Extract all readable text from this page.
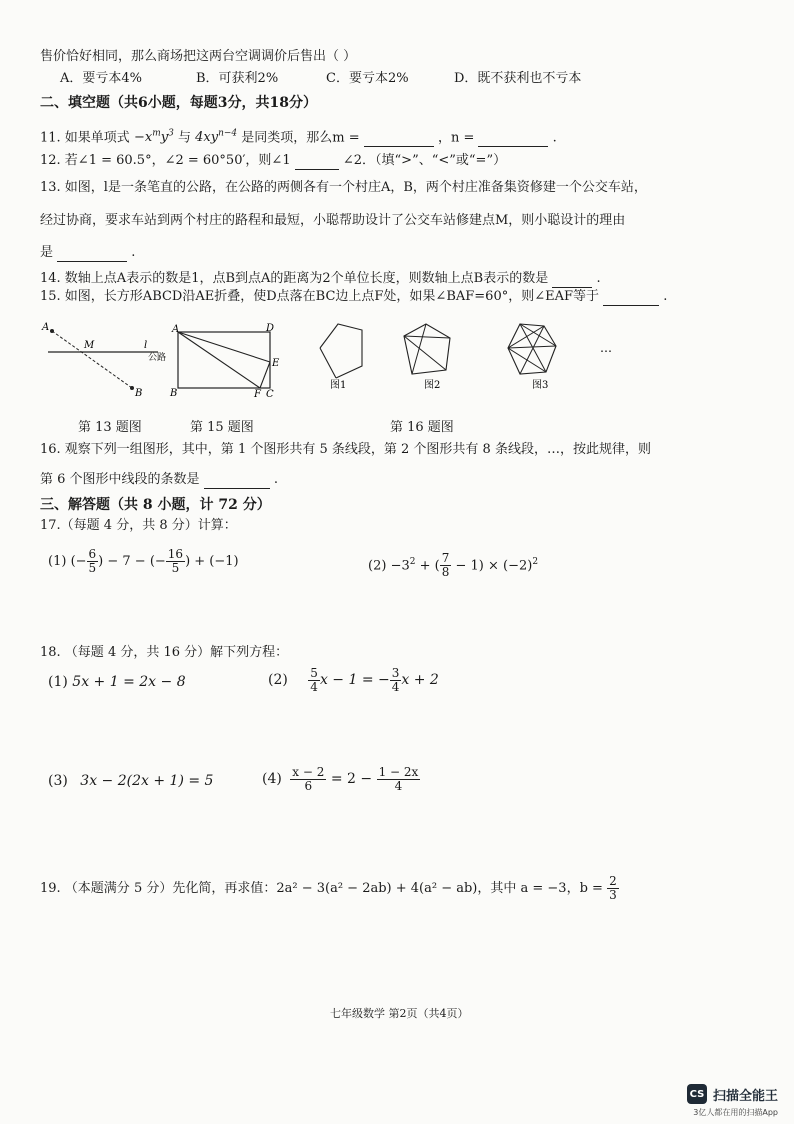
售价恰好相同，那么商场把这两台空调调价后售出（ ）
A．要亏本4%	B．可获利2%	C．要亏本2%	D．既不获利也不亏本
二、填空题（共6小题，每题3分，共18分）
11. 如果单项式 $-x^my^3$ 与 $4xy^{n-4}$ 是同类项，那么m =	，n =	.
12. 若∠1 = 60.5°，∠2 = 60°50′，则∠1	∠2．（填“>”、“<”或“=”）
13. 如图，l是一条笔直的公路，在公路的两侧各有一个村庄A，B，两个村庄准备集资修建一个公交车站，
经过协商，要求车站到两个村庄的路程和最短，小聪帮助设计了公交车站修建点M，则小聪设计的理由
是	.
14. 数轴上点A表示的数是1，点B到点A的距离为2个单位长度，则数轴上点B表示的数是	.
15. 如图，长方形ABCD沿AE折叠，使D点落在BC边上点F处，如果∠BAF=60°，则∠EAF等于	.
A
M
B
l
公路
A	D
E
B	F C
图1	图2	图3
…
第 13 题图	第 15 题图	第 16 题图
16. 观察下列一组图形，其中，第 1 个图形共有 5 条线段，第 2 个图形共有 8 条线段，…，按此规律，则
第 6 个图形中线段的条数是	.
三、解答题（共 8 小题，计 72 分）
17.（每题 4 分，共 8 分）计算：
(1) (− $\frac{6}{5}$ ) − 7 − (− $\frac{16}{5}$ ) + (−1)	$(2) -3^2$ + ( $\frac{7}{8} - 1) \times (-2)^2$
18. （每题 4 分，共 16 分）解下列方程：
(1) 5x + 1 = 2x − 8	$(2) \frac{5}{4}$ x − 1 = − $\frac{3}{4}$ x + 2
(3) 3x − 2(2x + 1) = 5	$(4) \frac{x - 2}{6} = 2 - \frac{1 - 2x}{4}$
19. （本题满分 5 分）先化简，再求值：2a² − 3(a² − 2ab) + 4(a² − ab)，其中 a = −3，$b = \frac{2}{3}$
七年级数学 第2页（共4页）
CS 扫描全能王
3亿人都在用的扫描App
